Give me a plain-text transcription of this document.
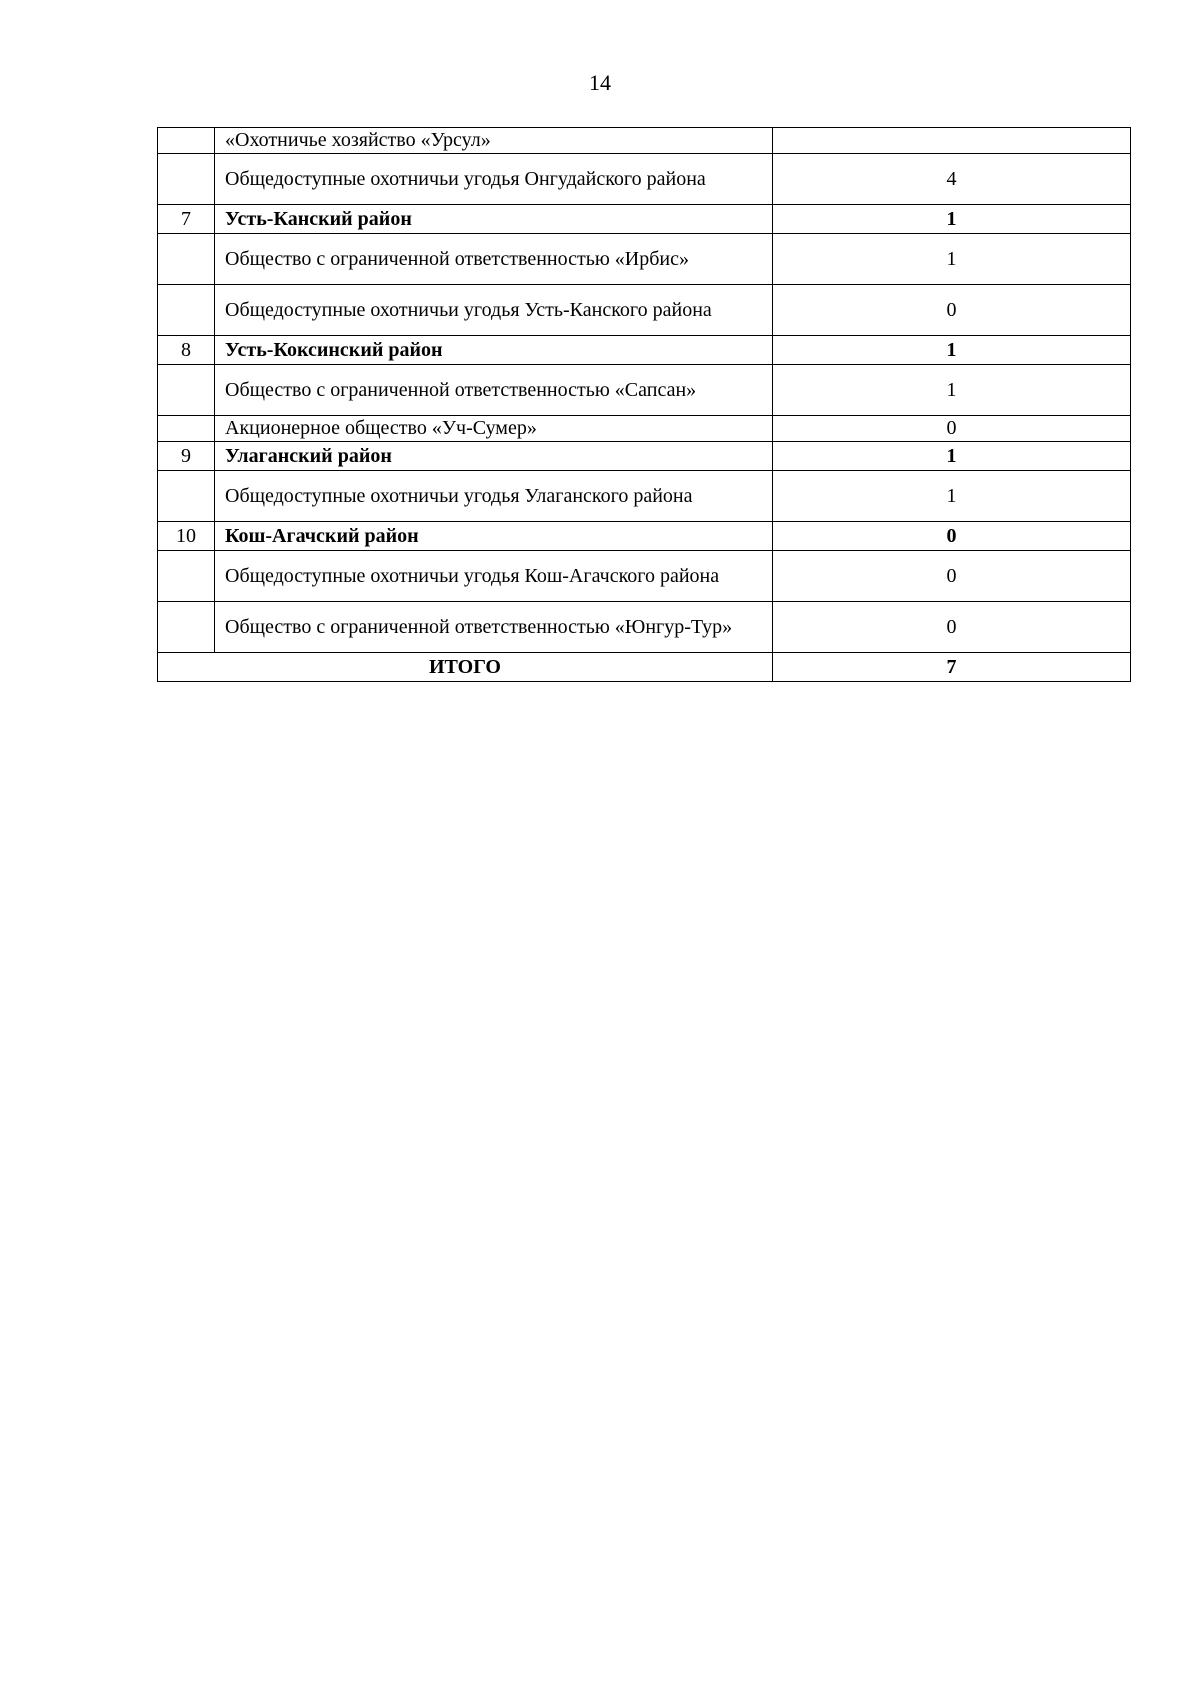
14
	«Охотничье хозяйство «Урсул»	
	Общедоступные охотничьи угодья Онгудайского района	4
7	Усть-Канский район	1
	Общество с ограниченной ответственностью «Ирбис»	1
	Общедоступные охотничьи угодья Усть-Канского района	0
8	Усть-Коксинский район	1
	Общество с ограниченной ответственностью «Сапсан»	1
	Акционерное общество «Уч-Сумер»	0
9	Улаганский район	1
	Общедоступные охотничьи угодья Улаганского района	1
10	Кош-Агачский район	0
	Общедоступные охотничьи угодья Кош-Агачского района	0
	Общество с ограниченной ответственностью «Юнгур-Тур»	0
ИТОГО		7
